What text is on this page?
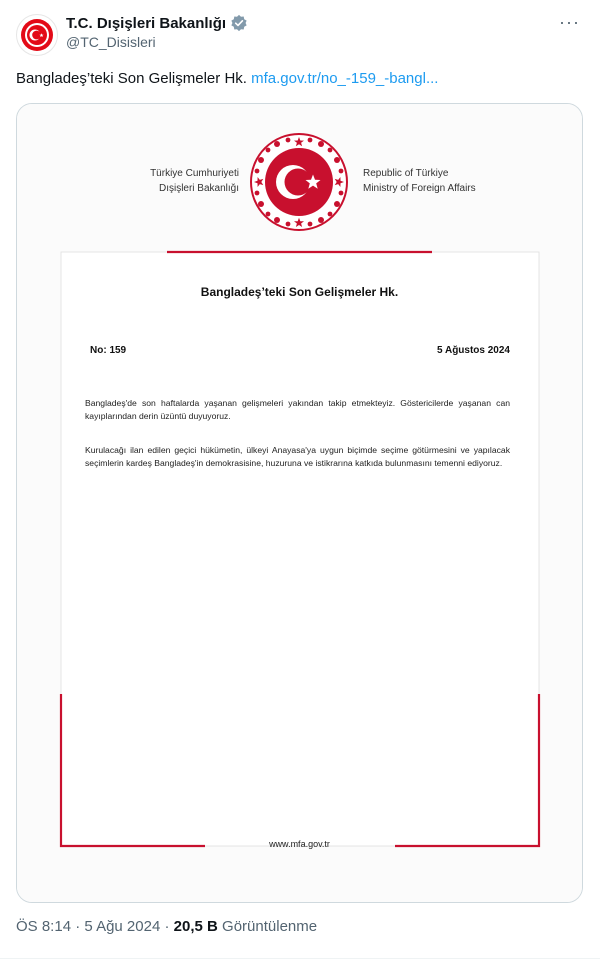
T.C. Dışişleri Bakanlığı
@TC_Disisleri
···
Bangladeş’teki Son Gelişmeler Hk. mfa.gov.tr/no_-159_-bangl...
Türkiye Cumhuriyeti
Dışişleri Bakanlığı
Republic of Türkiye
Ministry of Foreign Affairs
Bangladeş’teki Son Gelişmeler Hk.
No: 159	5 Ağustos 2024
Bangladeş'de son haftalarda yaşanan gelişmeleri yakından takip etmekteyiz. Göstericilerde yaşanan can kayıplarından derin üzüntü duyuyoruz.
Kurulacağı ilan edilen geçici hükümetin, ülkeyi Anayasa'ya uygun biçimde seçime götürmesini ve yapılacak seçimlerin kardeş Bangladeş'in demokrasisine, huzuruna ve istikrarına katkıda bulunmasını temenni ediyoruz.
www.mfa.gov.tr
ÖS 8:14 · 5 Ağu 2024 · 20,5 B Görüntülenme
